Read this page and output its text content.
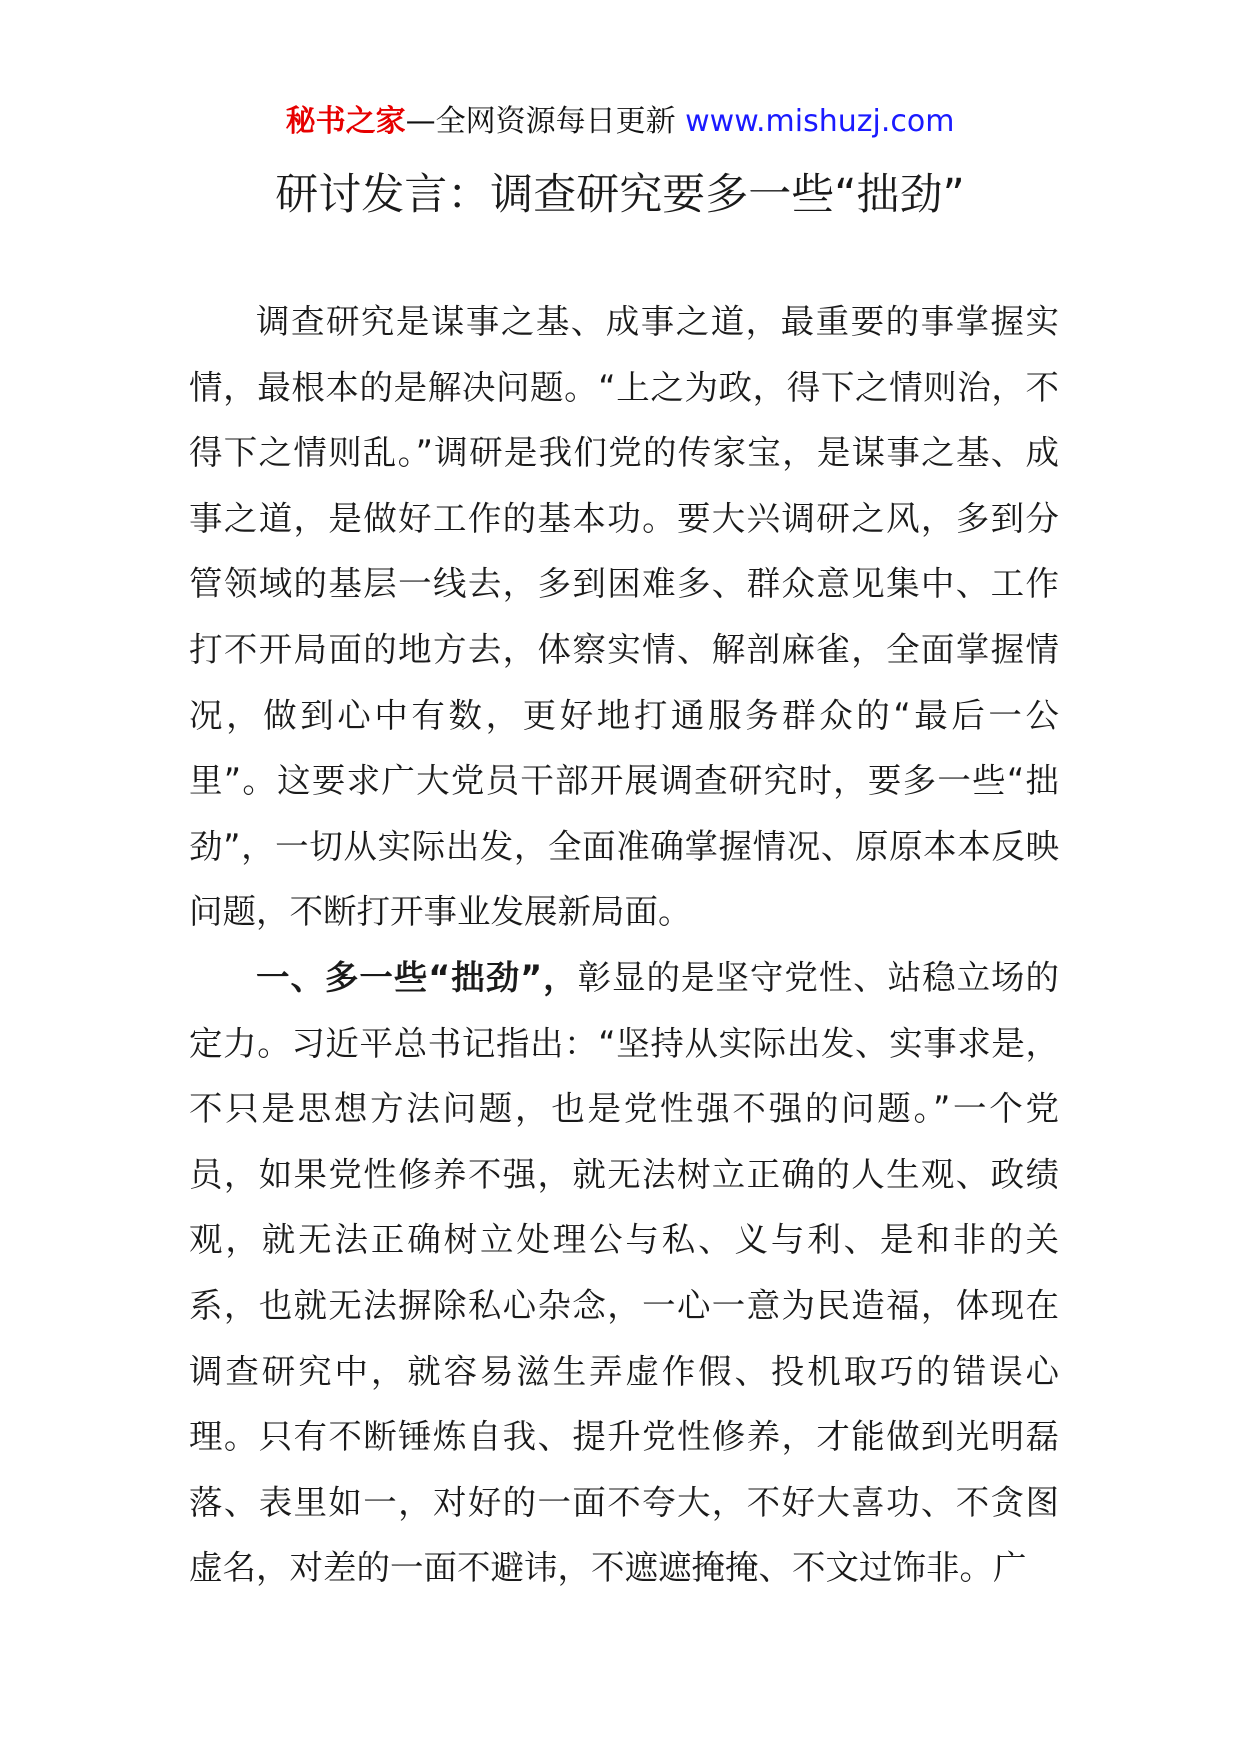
秘书之家—全网资源每日更新 www.mishuzj.com
研讨发言：调查研究要多一些“拙劲”

调查研究是谋事之基、成事之道，最重要的事掌握实情，最根本的是解决问题。“上之为政，得下之情则治，不得下之情则乱。”调研是我们党的传家宝，是谋事之基、成事之道，是做好工作的基本功。要大兴调研之风，多到分管领域的基层一线去，多到困难多、群众意见集中、工作打不开局面的地方去，体察实情、解剖麻雀，全面掌握情况，做到心中有数，更好地打通服务群众的“最后一公里”。这要求广大党员干部开展调查研究时，要多一些“拙劲”，一切从实际出发，全面准确掌握情况、原原本本反映问题，不断打开事业发展新局面。

一、多一些“拙劲”，彰显的是坚守党性、站稳立场的定力。习近平总书记指出：“坚持从实际出发、实事求是，不只是思想方法问题，也是党性强不强的问题。”一个党员，如果党性修养不强，就无法树立正确的人生观、政绩观，就无法正确树立处理公与私、义与利、是和非的关系，也就无法摒除私心杂念，一心一意为民造福，体现在调查研究中，就容易滋生弄虚作假、投机取巧的错误心理。只有不断锤炼自我、提升党性修养，才能做到光明磊落、表里如一，对好的一面不夸大，不好大喜功、不贪图虚名，对差的一面不避讳，不遮遮掩掩、不文过饰非。广
